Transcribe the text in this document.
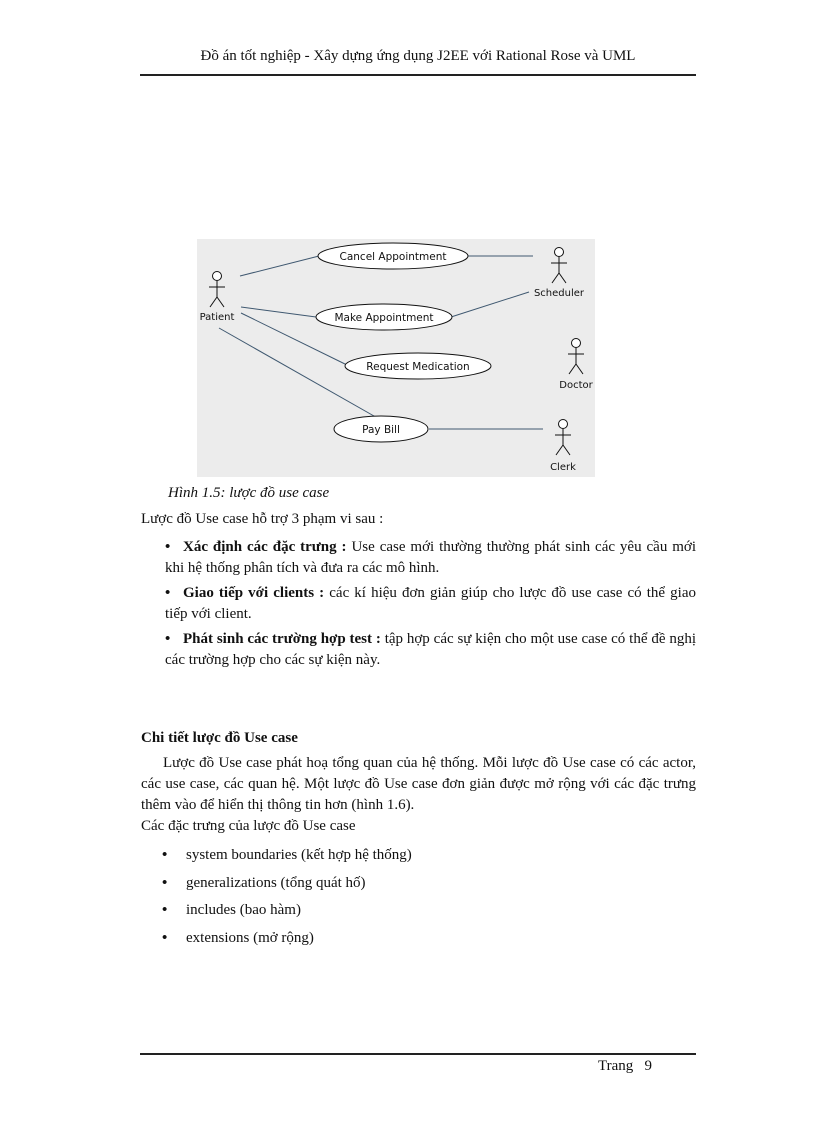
Đồ án tốt nghiệp - Xây dựng ứng dụng J2EE với Rational Rose và UML
Patient
Scheduler
Doctor
Clerk
Cancel Appointment
Make Appointment
Request Medication
Pay Bill
Hình 1.5: lược đồ use case

Lược đồ Use case hỗ trợ 3 phạm vi sau :

• Xác định các đặc trưng : Use case mới thường thường phát sinh các yêu cầu mới khi hệ thống phân tích và đưa ra các mô hình.

• Giao tiếp với clients : các kí hiệu đơn giản giúp cho lược đồ use case có thể giao tiếp với client.

• Phát sinh các trường hợp test : tập hợp các sự kiện cho một use case có thể đề nghị các trường hợp cho các sự kiện này.

Chi tiết lược đồ Use case

Lược đồ Use case phát hoạ tổng quan của hệ thống. Mỗi lược đồ Use case có các actor, các use case, các quan hệ. Một lược đồ Use case đơn giản được mở rộng với các đặc trưng thêm vào để hiển thị thông tin hơn (hình 1.6).

Các đặc trưng của lược đồ Use case

• system boundaries (kết hợp hệ thống)
• generalizations (tổng quát hố)
• includes (bao hàm)
• extensions (mở rộng)
Trang   9
